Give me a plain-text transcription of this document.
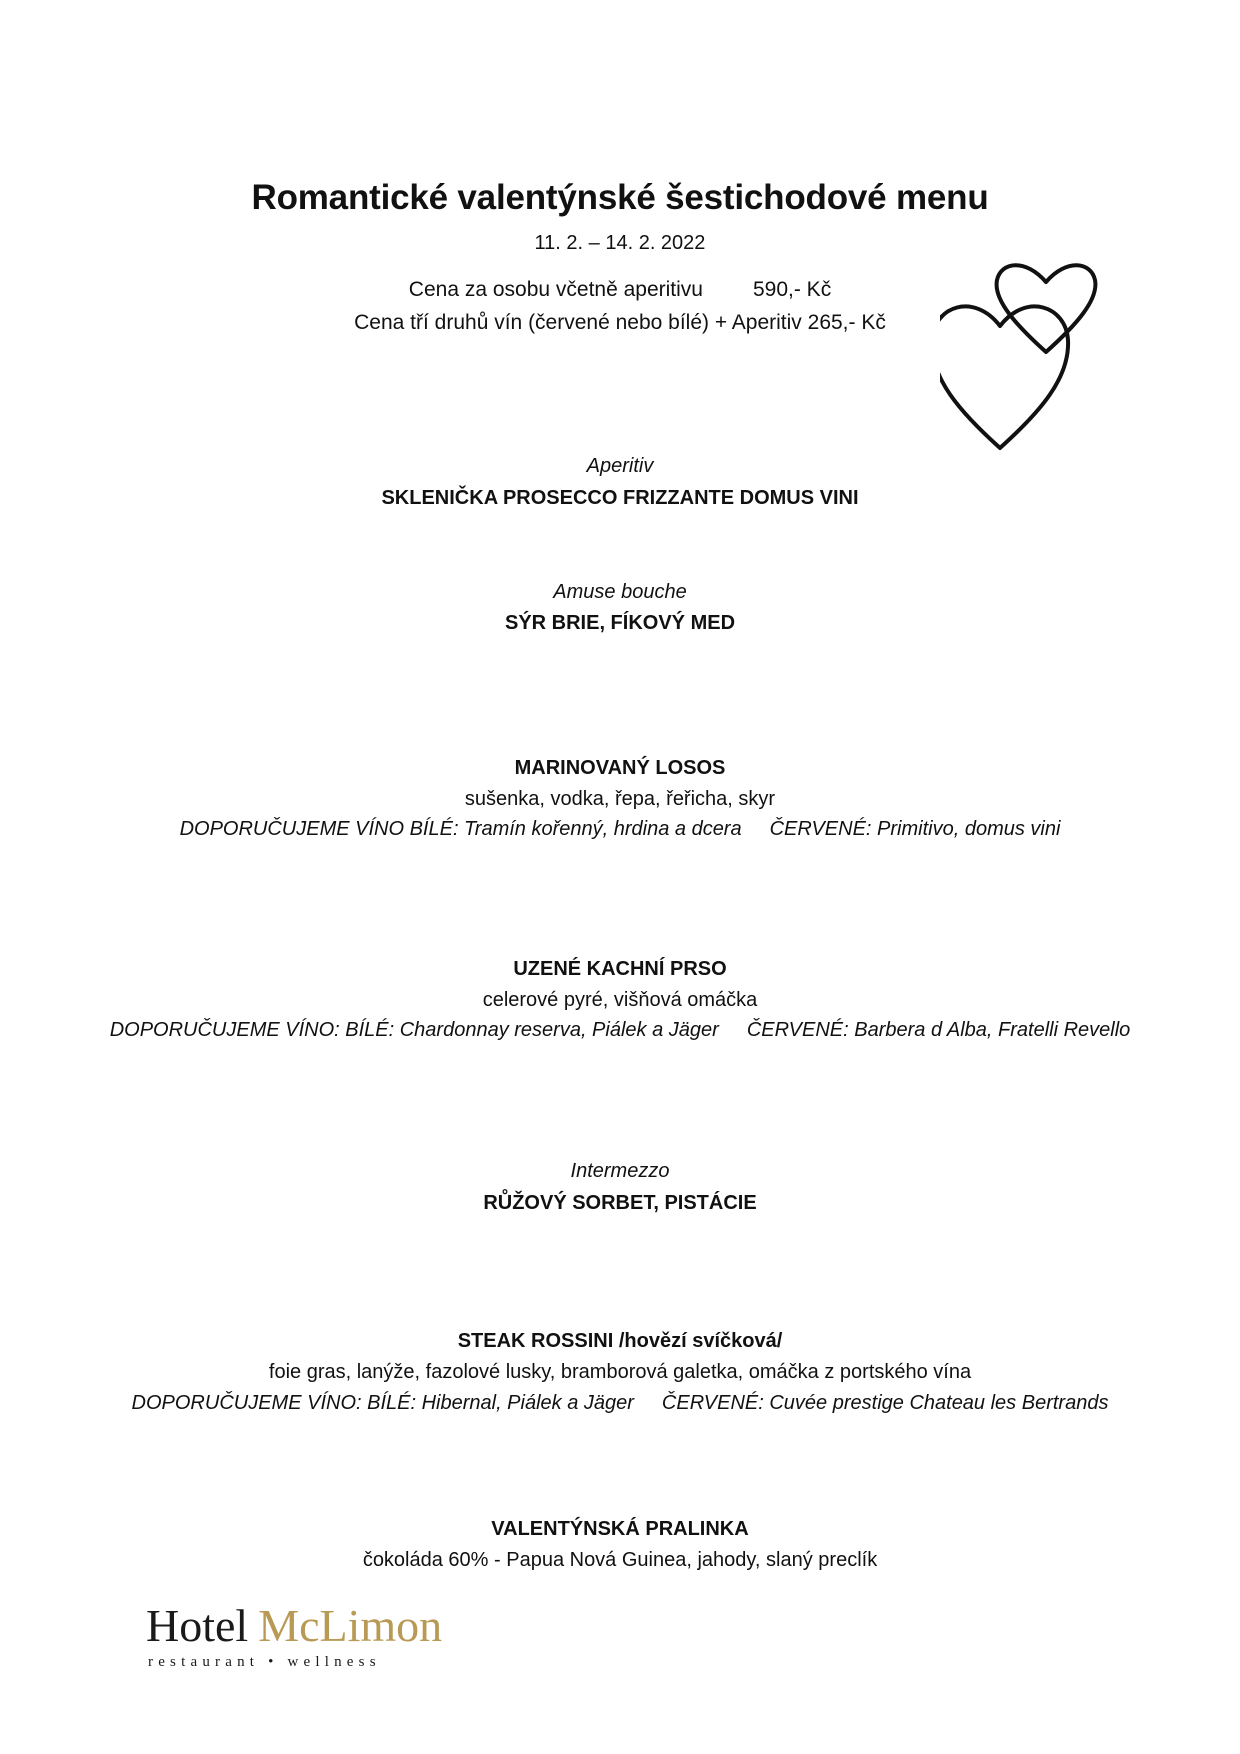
Romantické valentýnské šestichodové menu
11. 2. – 14. 2. 2022
Cena za osobu včetně aperitivu 590,- Kč
Cena tří druhů vín (červené nebo bílé) + Aperitiv 265,- Kč
Aperitiv
SKLENIČKA PROSECCO FRIZZANTE DOMUS VINI
Amuse bouche
SÝR BRIE, FÍKOVÝ MED
MARINOVANÝ LOSOS
sušenka, vodka, řepa, řeřicha, skyr
DOPORUČUJEME VÍNO BÍLÉ: Tramín kořenný, hrdina a dcera ČERVENÉ: Primitivo, domus vini
UZENÉ KACHNÍ PRSO
celerové pyré, višňová omáčka
DOPORUČUJEME VÍNO: BÍLÉ: Chardonnay reserva, Piálek a Jäger ČERVENÉ: Barbera d Alba, Fratelli Revello
Intermezzo
RŮŽOVÝ SORBET, PISTÁCIE
STEAK ROSSINI /hovězí svíčková/
foie gras, lanýže, fazolové lusky, bramborová galetka, omáčka z portského vína
DOPORUČUJEME VÍNO: BÍLÉ: Hibernal, Piálek a Jäger ČERVENÉ: Cuvée prestige Chateau les Bertrands
VALENTÝNSKÁ PRALINKA
čokoláda 60% - Papua Nová Guinea, jahody, slaný preclík
Hotel McLimon
restaurant • wellness
